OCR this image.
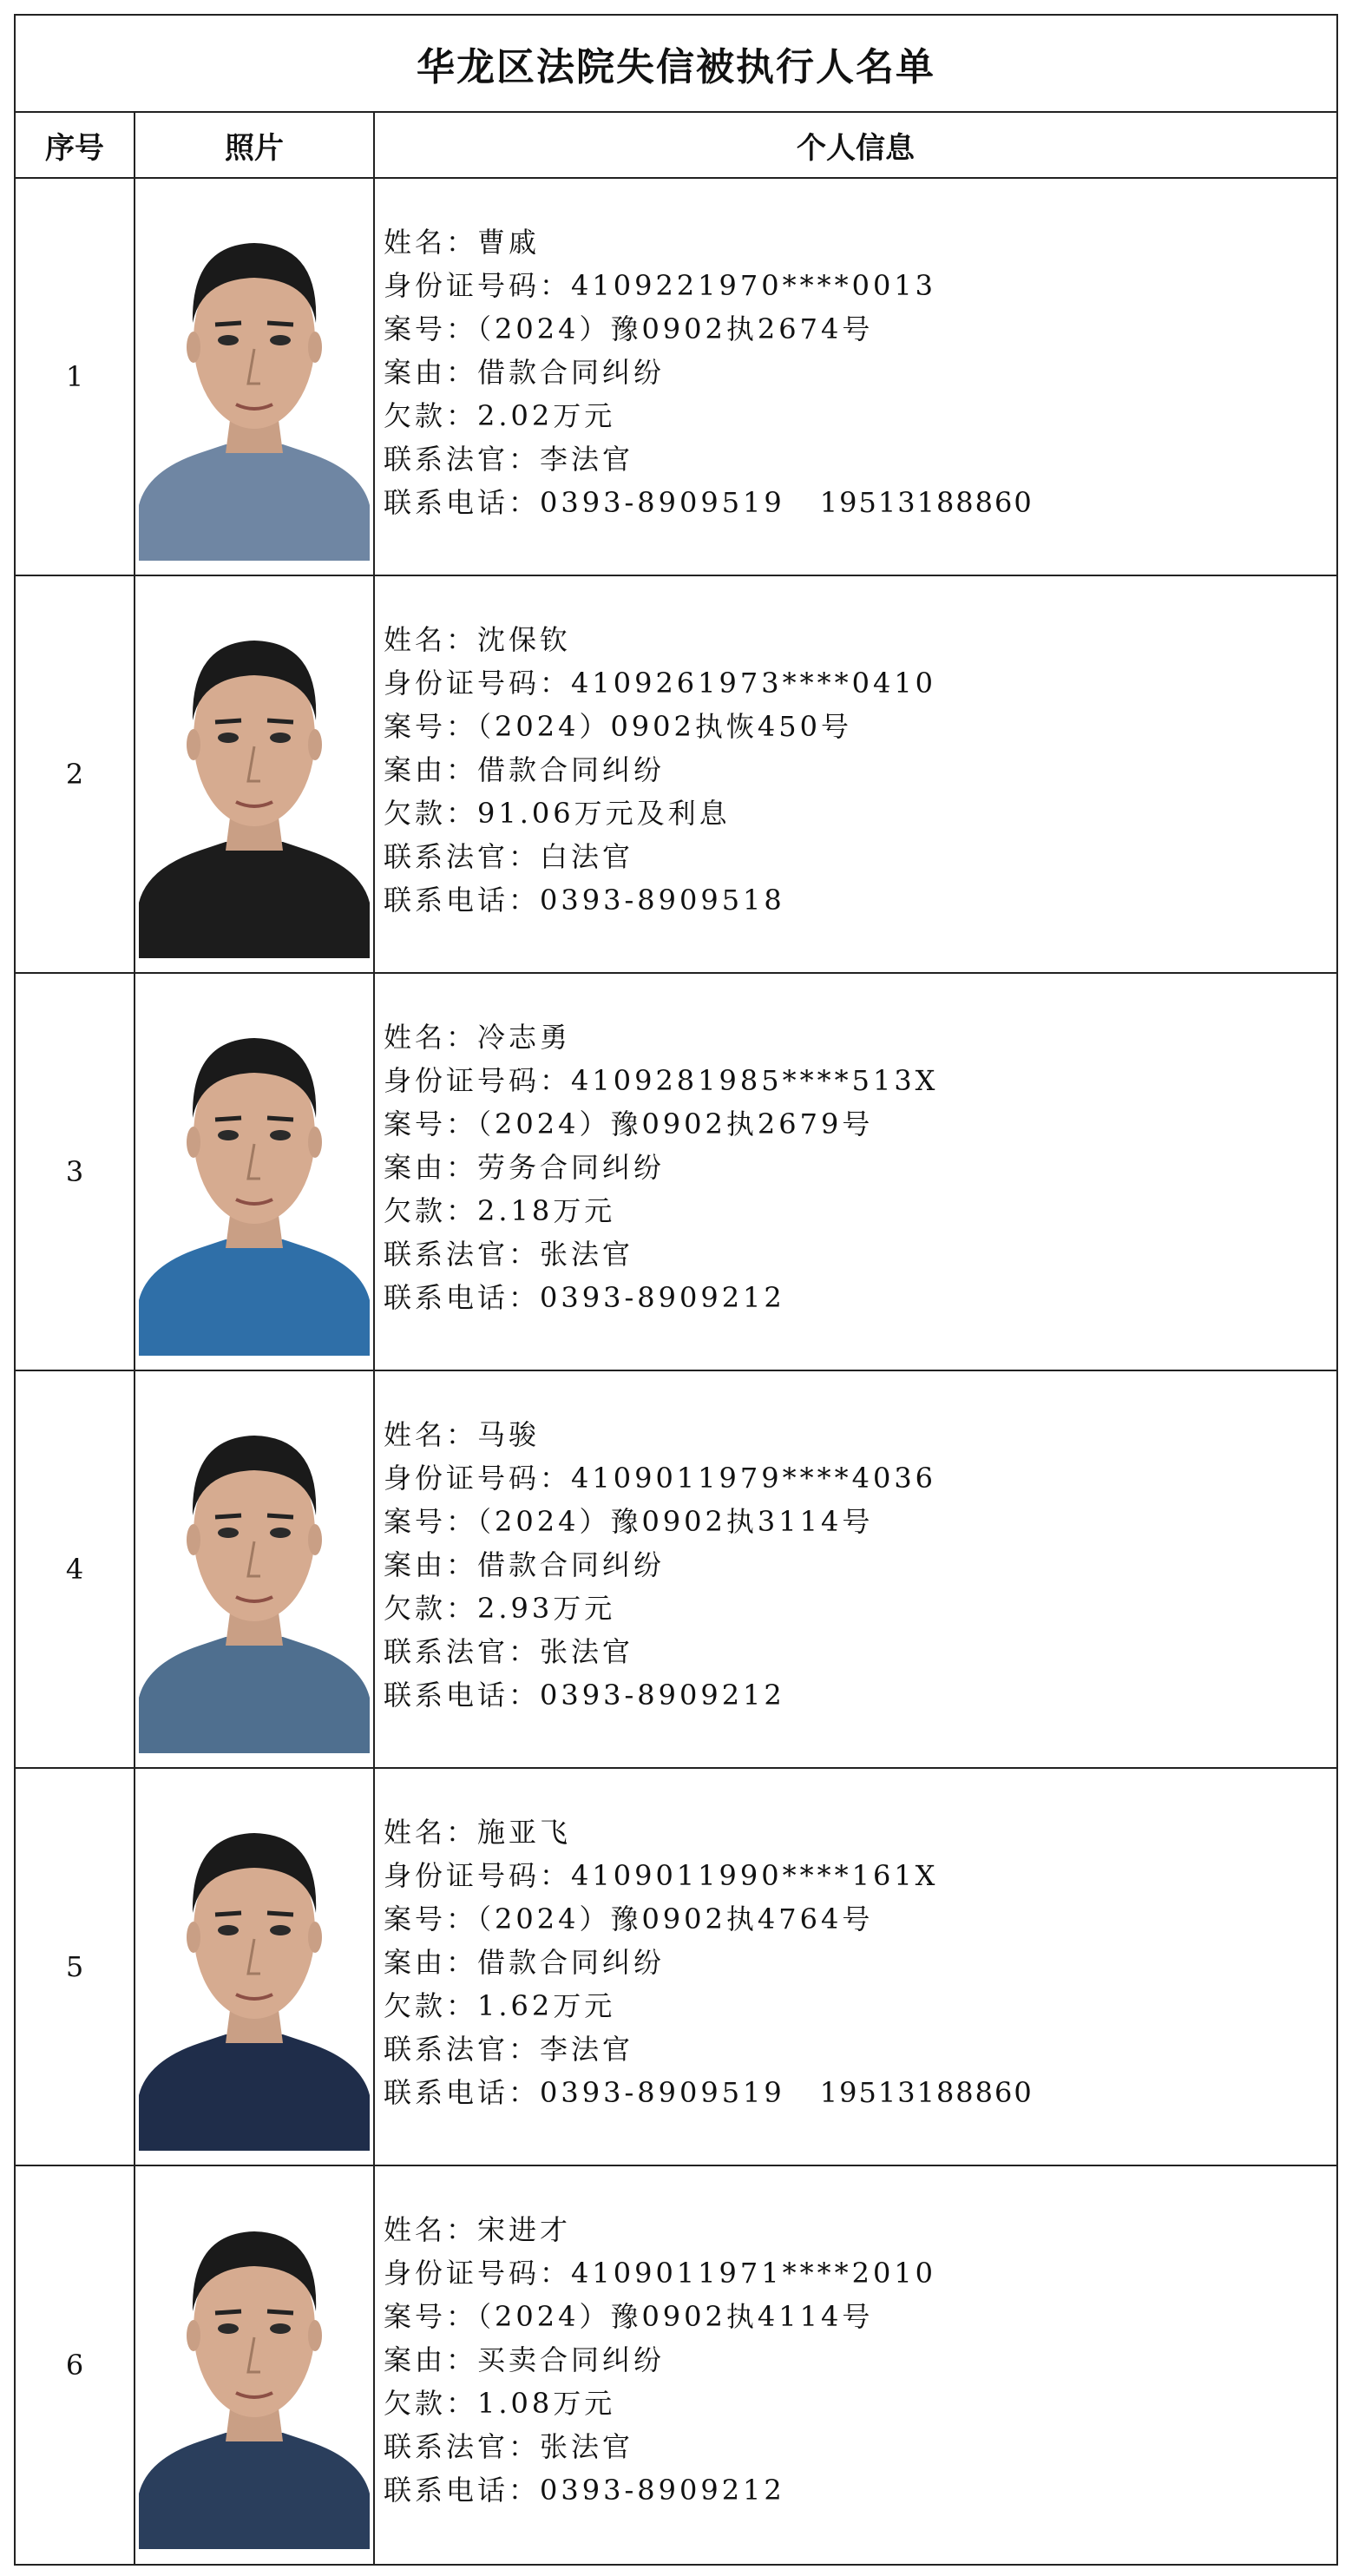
华龙区法院失信被执行人名单
序号	照片	个人信息
1
姓名：曹戚
身份证号码：4109221970****0013
案号：（2024）豫0902执2674号
案由：借款合同纠纷
欠款：2.02万元
联系法官：李法官
联系电话：0393-8909519 19513188860
2
姓名：沈保钦
身份证号码：4109261973****0410
案号：（2024）0902执恢450号
案由：借款合同纠纷
欠款：91.06万元及利息
联系法官：白法官
联系电话：0393-8909518
3
姓名：冷志勇
身份证号码：4109281985****513X
案号：（2024）豫0902执2679号
案由：劳务合同纠纷
欠款：2.18万元
联系法官：张法官
联系电话：0393-8909212
4
姓名：马骏
身份证号码：4109011979****4036
案号：（2024）豫0902执3114号
案由：借款合同纠纷
欠款：2.93万元
联系法官：张法官
联系电话：0393-8909212
5
姓名：施亚飞
身份证号码：4109011990****161X
案号：（2024）豫0902执4764号
案由：借款合同纠纷
欠款：1.62万元
联系法官：李法官
联系电话：0393-8909519 19513188860
6
姓名：宋进才
身份证号码：4109011971****2010
案号：（2024）豫0902执4114号
案由：买卖合同纠纷
欠款：1.08万元
联系法官：张法官
联系电话：0393-8909212
